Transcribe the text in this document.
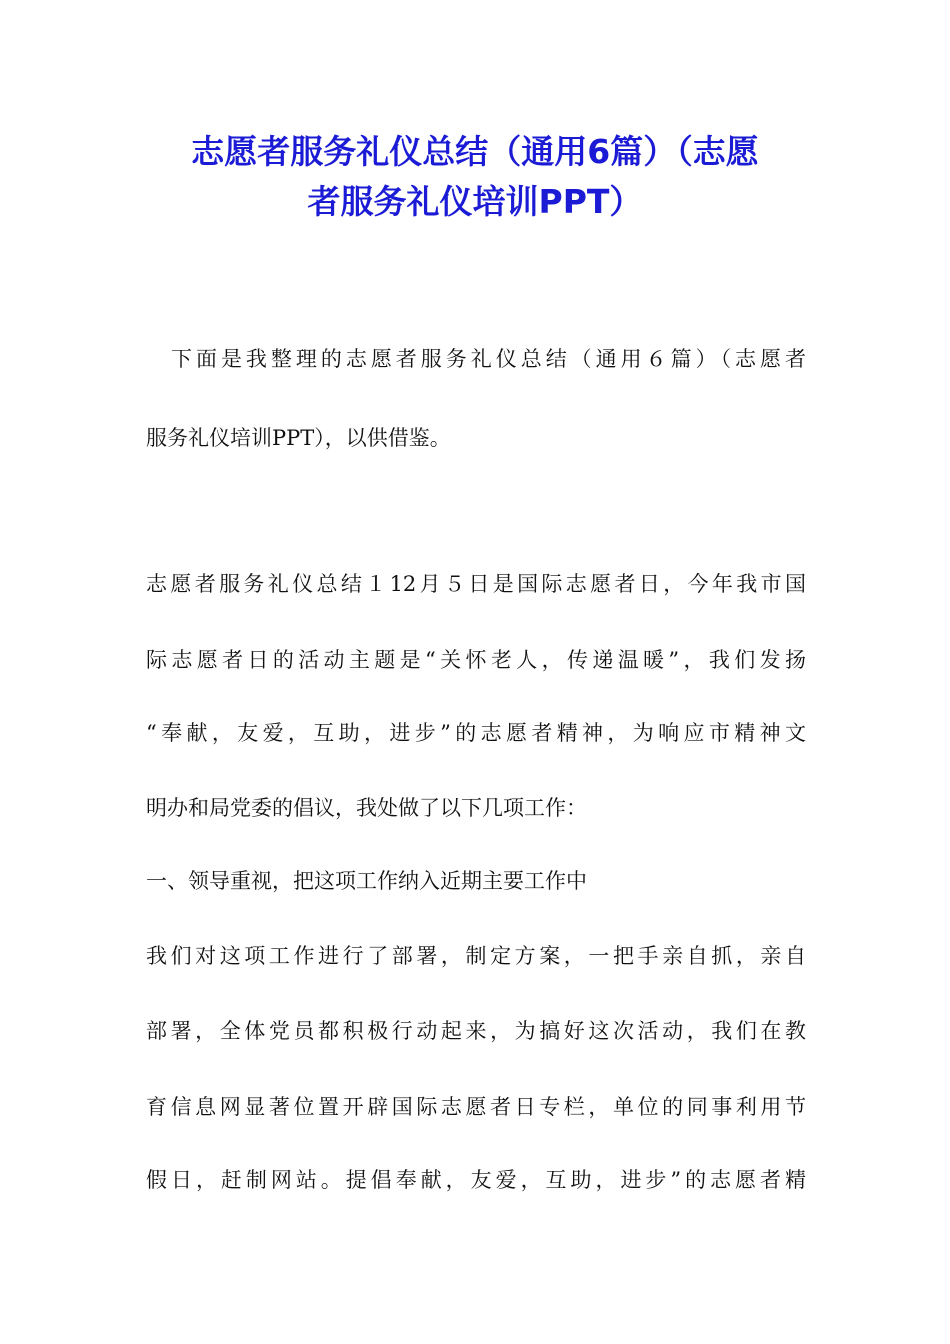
志愿者服务礼仪总结（通用6篇）（志愿
者服务礼仪培训PPT）
　下面是我整理的志愿者服务礼仪总结（通用６篇）（志愿者
服务礼仪培训PPT），以供借鉴。
志愿者服务礼仪总结１12月５日是国际志愿者日，今年我市国
际志愿者日的活动主题是“关怀老人，传递温暖”，我们发扬
“奉献，友爱，互助，进步”的志愿者精神，为响应市精神文
明办和局党委的倡议，我处做了以下几项工作：
一、领导重视，把这项工作纳入近期主要工作中
我们对这项工作进行了部署，制定方案，一把手亲自抓，亲自
部署，全体党员都积极行动起来，为搞好这次活动，我们在教
育信息网显著位置开辟国际志愿者日专栏，单位的同事利用节
假日，赶制网站。提倡奉献，友爱，互助，进步”的志愿者精
